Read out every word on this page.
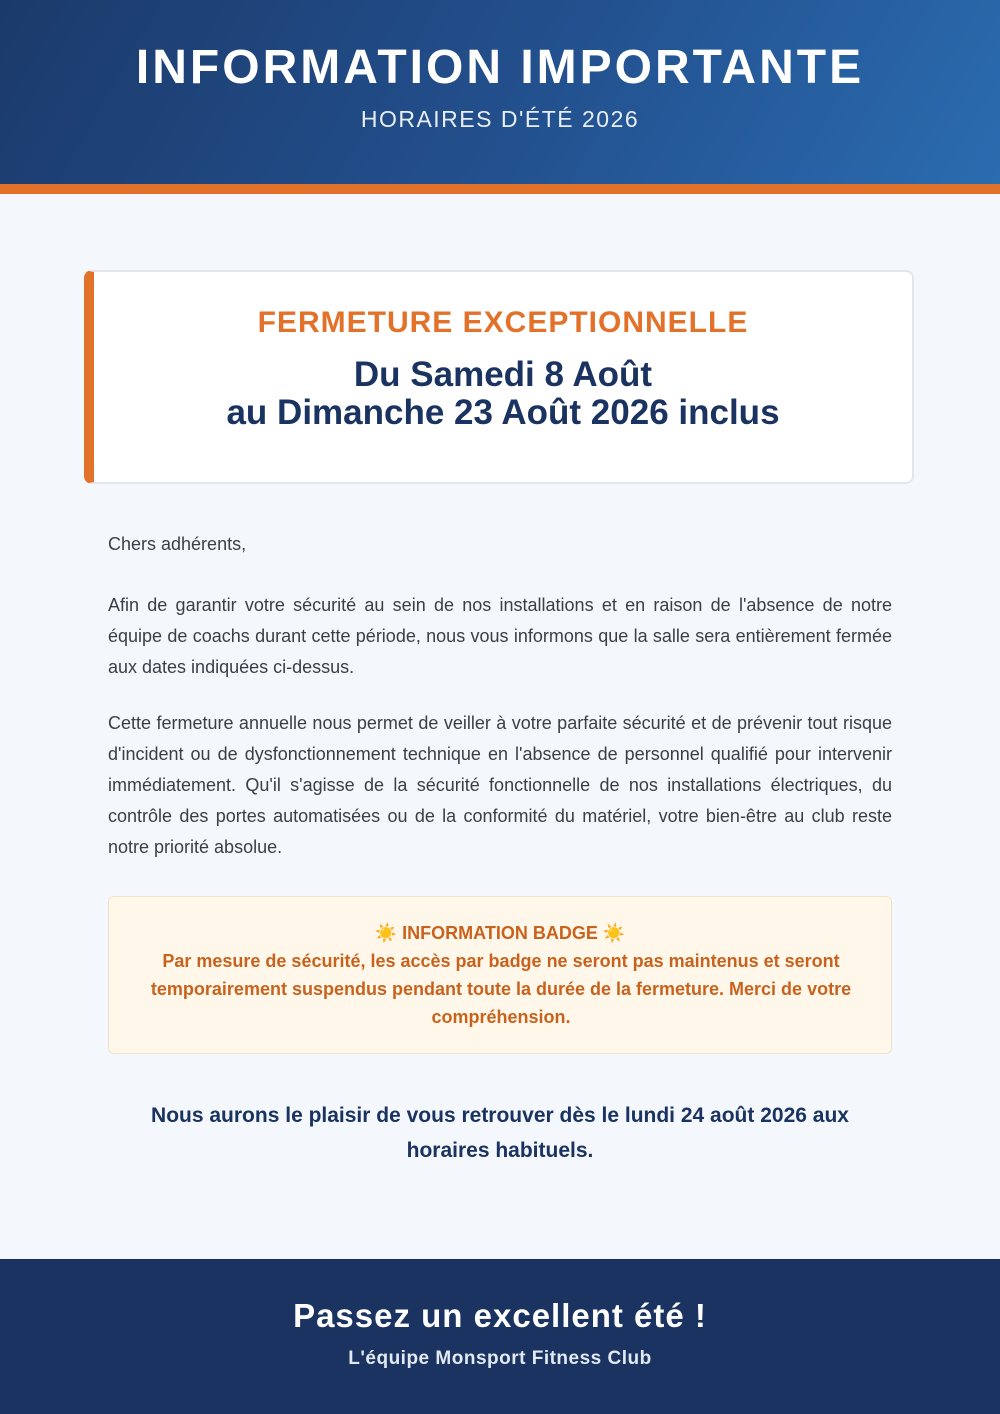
INFORMATION IMPORTANTE
HORAIRES D'ÉTÉ 2026
FERMETURE EXCEPTIONNELLE
Du Samedi 8 Août
au Dimanche 23 Août 2026 inclus
Chers adhérents,
Afin de garantir votre sécurité au sein de nos installations et en raison de l'absence de notre équipe de coachs durant cette période, nous vous informons que la salle sera entièrement fermée aux dates indiquées ci-dessus.
Cette fermeture annuelle nous permet de veiller à votre parfaite sécurité et de prévenir tout risque d'incident ou de dysfonctionnement technique en l'absence de personnel qualifié pour intervenir immédiatement. Qu'il s'agisse de la sécurité fonctionnelle de nos installations électriques, du contrôle des portes automatisées ou de la conformité du matériel, votre bien-être au club reste notre priorité absolue.
☀️ INFORMATION BADGE ☀️
Par mesure de sécurité, les accès par badge ne seront pas maintenus et seront temporairement suspendus pendant toute la durée de la fermeture. Merci de votre compréhension.
Nous aurons le plaisir de vous retrouver dès le lundi 24 août 2026 aux horaires habituels.
Passez un excellent été !
L'équipe Monsport Fitness Club
